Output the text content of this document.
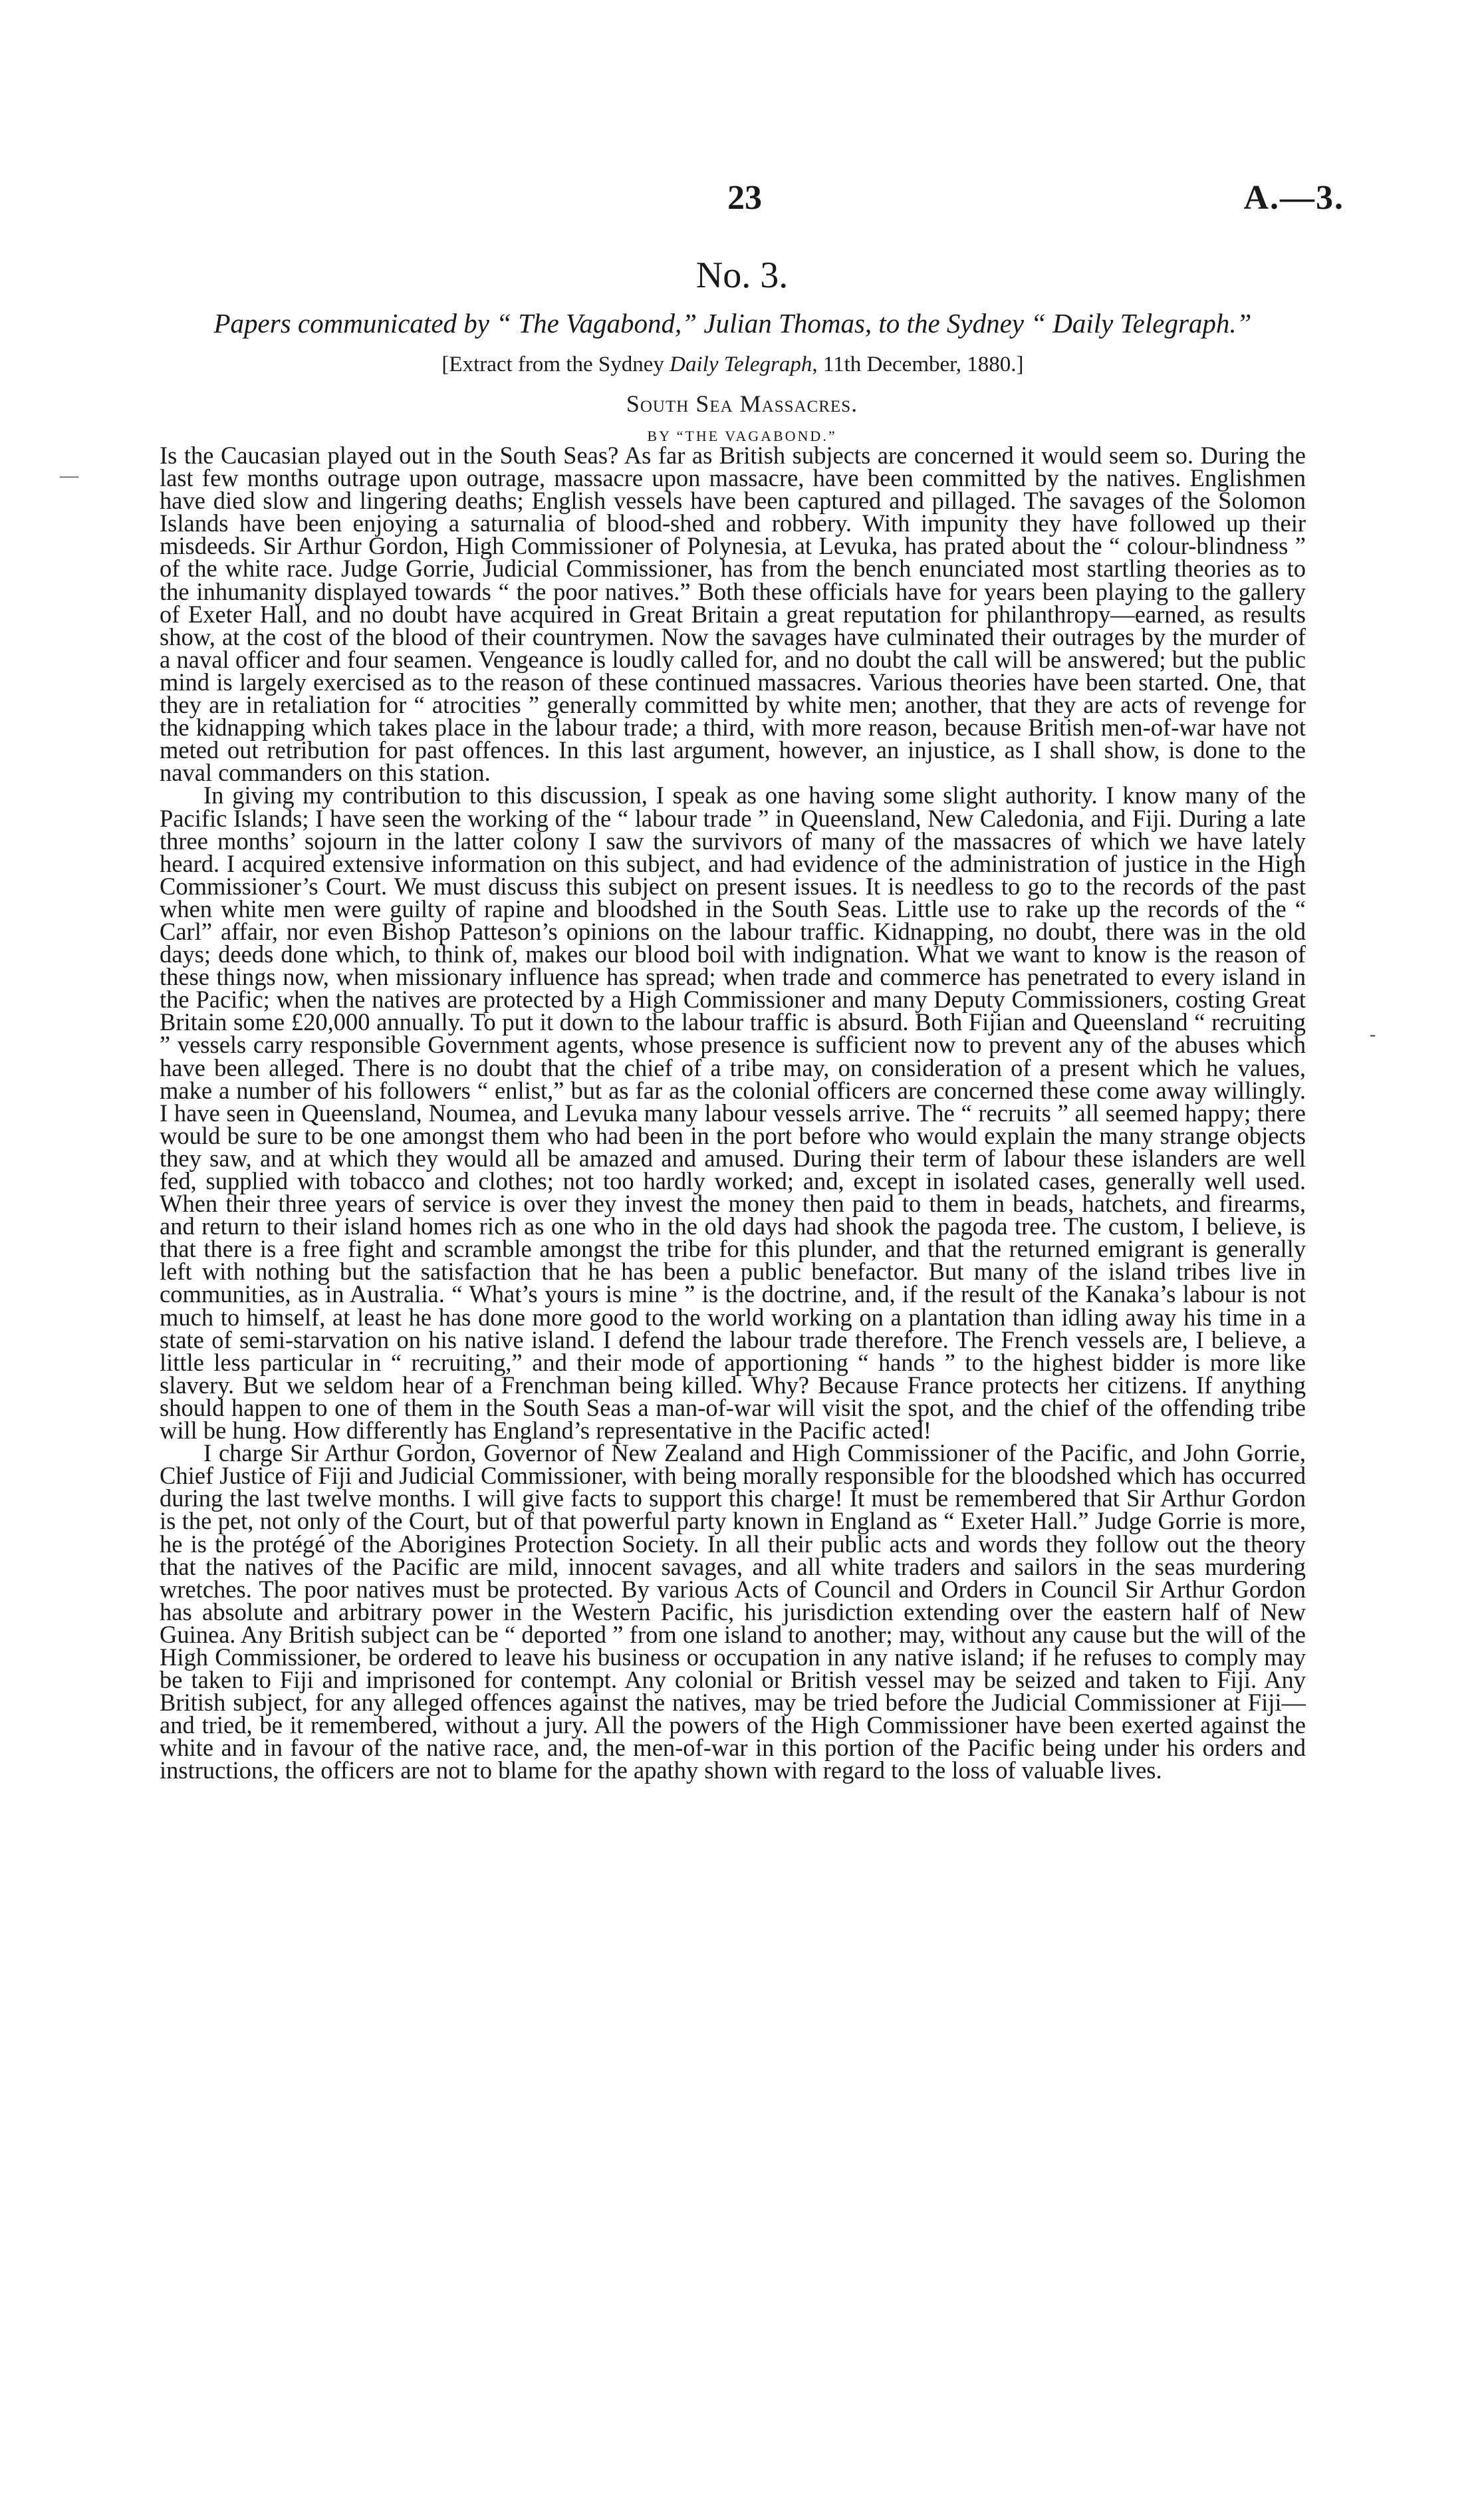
23	A.—3.
No. 3.
Papers communicated by “ The Vagabond,” Julian Thomas, to the Sydney “ Daily Telegraph.”
[Extract from the Sydney Daily Telegraph, 11th December, 1880.]
South Sea Massacres.
BY “THE VAGABOND.”
—
-

Is the Caucasian played out in the South Seas? As far as British subjects are concerned it would seem so. During the last few months outrage upon outrage, massacre upon massacre, have been committed by the natives. Englishmen have died slow and lingering deaths; English vessels have been captured and pillaged. The savages of the Solomon Islands have been enjoying a saturnalia of blood-shed and robbery. With impunity they have followed up their misdeeds. Sir Arthur Gordon, High Commissioner of Polynesia, at Levuka, has prated about the “ colour-blindness ” of the white race. Judge Gorrie, Judicial Commissioner, has from the bench enunciated most startling theories as to the inhumanity displayed towards “ the poor natives.” Both these officials have for years been playing to the gallery of Exeter Hall, and no doubt have acquired in Great Britain a great reputation for philanthropy—earned, as results show, at the cost of the blood of their countrymen. Now the savages have culminated their outrages by the murder of a naval officer and four seamen. Vengeance is loudly called for, and no doubt the call will be answered; but the public mind is largely exercised as to the reason of these continued massacres. Various theories have been started. One, that they are in retaliation for “ atrocities ” generally committed by white men; another, that they are acts of revenge for the kidnapping which takes place in the labour trade; a third, with more reason, because British men-of-war have not meted out retribution for past offences. In this last argument, however, an injustice, as I shall show, is done to the naval commanders on this station.

In giving my contribution to this discussion, I speak as one having some slight authority. I know many of the Pacific Islands; I have seen the working of the “ labour trade ” in Queensland, New Caledonia, and Fiji. During a late three months’ sojourn in the latter colony I saw the survivors of many of the massacres of which we have lately heard. I acquired extensive information on this subject, and had evidence of the administration of justice in the High Commissioner’s Court. We must discuss this subject on present issues. It is needless to go to the records of the past when white men were guilty of rapine and bloodshed in the South Seas. Little use to rake up the records of the “ Carl” affair, nor even Bishop Patteson’s opinions on the labour traffic. Kidnapping, no doubt, there was in the old days; deeds done which, to think of, makes our blood boil with indignation. What we want to know is the reason of these things now, when missionary influence has spread; when trade and commerce has penetrated to every island in the Pacific; when the natives are protected by a High Commissioner and many Deputy Commissioners, costing Great Britain some £20,000 annually. To put it down to the labour traffic is absurd. Both Fijian and Queensland “ recruiting ” vessels carry responsible Government agents, whose presence is sufficient now to prevent any of the abuses which have been alleged. There is no doubt that the chief of a tribe may, on consideration of a present which he values, make a number of his followers “ enlist,” but as far as the colonial officers are concerned these come away willingly. I have seen in Queensland, Noumea, and Levuka many labour vessels arrive. The “ recruits ” all seemed happy; there would be sure to be one amongst them who had been in the port before who would explain the many strange objects they saw, and at which they would all be amazed and amused. During their term of labour these islanders are well fed, supplied with tobacco and clothes; not too hardly worked; and, except in isolated cases, generally well used. When their three years of service is over they invest the money then paid to them in beads, hatchets, and firearms, and return to their island homes rich as one who in the old days had shook the pagoda tree. The custom, I believe, is that there is a free fight and scramble amongst the tribe for this plunder, and that the returned emigrant is generally left with nothing but the satisfaction that he has been a public benefactor. But many of the island tribes live in communities, as in Australia. “ What’s yours is mine ” is the doctrine, and, if the result of the Kanaka’s labour is not much to himself, at least he has done more good to the world working on a plantation than idling away his time in a state of semi-starvation on his native island. I defend the labour trade therefore. The French vessels are, I believe, a little less particular in “ recruiting,” and their mode of apportioning “ hands ” to the highest bidder is more like slavery. But we seldom hear of a Frenchman being killed. Why? Because France protects her citizens. If anything should happen to one of them in the South Seas a man-of-war will visit the spot, and the chief of the offending tribe will be hung. How differently has England’s representative in the Pacific acted!

I charge Sir Arthur Gordon, Governor of New Zealand and High Commissioner of the Pacific, and John Gorrie, Chief Justice of Fiji and Judicial Commissioner, with being morally responsible for the bloodshed which has occurred during the last twelve months. I will give facts to support this charge! It must be remembered that Sir Arthur Gordon is the pet, not only of the Court, but of that powerful party known in England as “ Exeter Hall.” Judge Gorrie is more, he is the protégé of the Aborigines Protection Society. In all their public acts and words they follow out the theory that the natives of the Pacific are mild, innocent savages, and all white traders and sailors in the seas murdering wretches. The poor natives must be protected. By various Acts of Council and Orders in Council Sir Arthur Gordon has absolute and arbitrary power in the Western Pacific, his jurisdiction extending over the eastern half of New Guinea. Any British subject can be “ deported ” from one island to another; may, without any cause but the will of the High Commissioner, be ordered to leave his business or occupation in any native island; if he refuses to comply may be taken to Fiji and imprisoned for contempt. Any colonial or British vessel may be seized and taken to Fiji. Any British subject, for any alleged offences against the natives, may be tried before the Judicial Commissioner at Fiji—and tried, be it remembered, without a jury. All the powers of the High Commissioner have been exerted against the white and in favour of the native race, and, the men-of-war in this portion of the Pacific being under his orders and instructions, the officers are not to blame for the apathy shown with regard to the loss of valuable lives.
